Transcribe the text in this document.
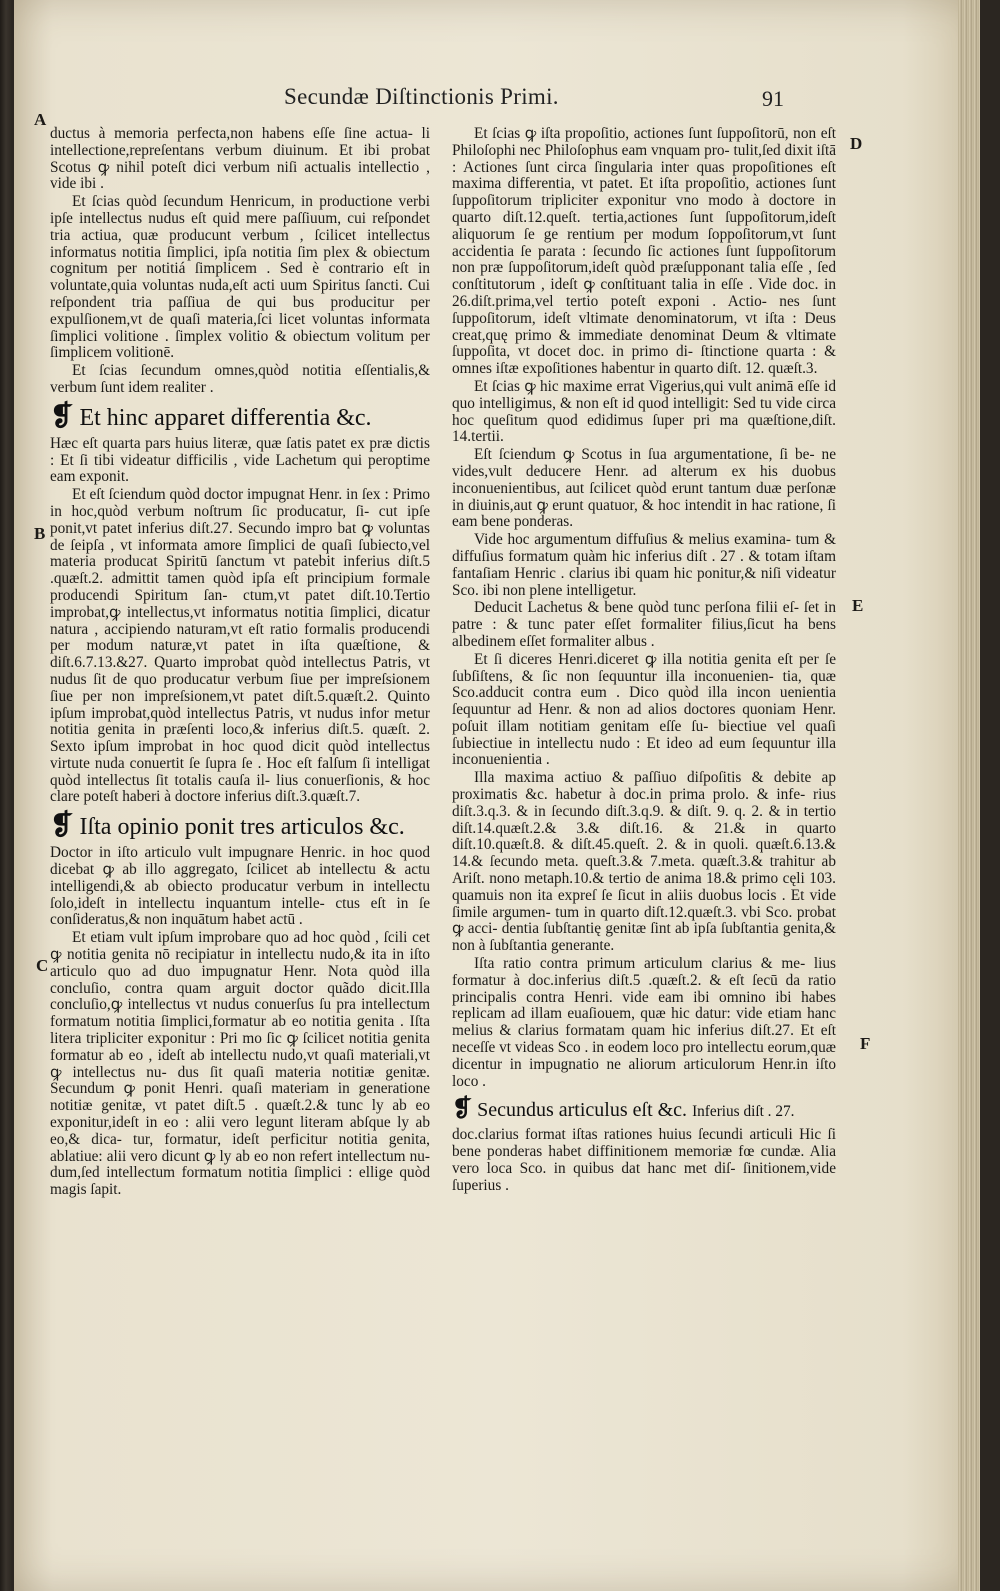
Secundæ Diſtinctionis Primi.	91
A
B
C
D
E
F

ductus à memoria perfecta,non habens eſſe ſine actua- li intellectione,repreſentans verbum diuinum. Et ibi probat Scotus ꝙ nihil poteſt dici verbum niſi actualis intellectio , vide ibi .

Et ſcias quòd ſecundum Henricum, in productione verbi ipſe intellectus nudus eſt quid mere paſſiuum, cui reſpondet tria actiua, quæ producunt verbum , ſcilicet intellectus informatus notitia ſimplici, ipſa notitia ſim plex & obiectum cognitum per notitiá ſimplicem . Sed è contrario eſt in voluntate,quia voluntas nuda,eſt acti uum Spiritus ſancti. Cui reſpondent tria paſſiua de qui bus producitur per expulſionem,vt de quaſi materia,ſci licet voluntas informata ſimplici volitione . ſimplex volitio & obiectum volitum per ſimplicem volitionē.

Et ſcias ſecundum omnes,quòd notitia eſſentialis,& verbum ſunt idem realiter .

❡ Et hinc apparet differentia &c.

Hæc eſt quarta pars huius literæ, quæ ſatis patet ex præ dictis : Et ſi tibi videatur difficilis , vide Lachetum qui peroptime eam exponit.

Et eſt ſciendum quòd doctor impugnat Henr. in ſex : Primo in hoc,quòd verbum noſtrum ſic producatur, ſi- cut ipſe ponit,vt patet inferius diſt.27. Secundo impro bat ꝙ voluntas de ſeipſa , vt informata amore ſimplici de quaſi ſubiecto,vel materia producat Spiritū ſanctum vt patebit inferius diſt.5 .quæſt.2. admittit tamen quòd ipſa eſt principium formale producendi Spiritum ſan- ctum,vt patet diſt.10.Tertio improbat,ꝙ intellectus,vt informatus notitia ſimplici, dicatur natura , accipiendo naturam,vt eſt ratio formalis producendi per modum naturæ,vt patet in iſta quæſtione, & diſt.6.7.13.&27. Quarto improbat quòd intellectus Patris, vt nudus ſit de quo producatur verbum ſiue per impreſsionem ſiue per non impreſsionem,vt patet diſt.5.quæſt.2. Quinto ipſum improbat,quòd intellectus Patris, vt nudus infor metur notitia genita in præſenti loco,& inferius diſt.5. quæſt. 2. Sexto ipſum improbat in hoc quod dicit quòd intellectus virtute nuda conuertit ſe ſupra ſe . Hoc eſt falſum ſi intelligat quòd intellectus ſit totalis cauſa il- lius conuerſionis, & hoc clare poteſt haberi à doctore inferius diſt.3.quæſt.7.

❡ Iſta opinio ponit tres articulos &c.

Doctor in iſto articulo vult impugnare Henric. in hoc quod dicebat ꝙ ab illo aggregato, ſcilicet ab intellectu & actu intelligendi,& ab obiecto producatur verbum in intellectu ſolo,ideſt in intellectu inquantum intelle- ctus eſt in ſe conſideratus,& non inquātum habet actū .

Et etiam vult ipſum improbare quo ad hoc quòd , ſcili cet ꝙ notitia genita nō recipiatur in intellectu nudo,& ita in iſto articulo quo ad duo impugnatur Henr. Nota quòd illa concluſio, contra quam arguit doctor quãdo dicit.Illa concluſio,ꝙ intellectus vt nudus conuerſus ſu pra intellectum formatum notitia ſimplici,formatur ab eo notitia genita . Iſta litera tripliciter exponitur : Pri mo ſic ꝙ ſcilicet notitia genita formatur ab eo , ideſt ab intellectu nudo,vt quaſi materiali,vt ꝙ intellectus nu- dus ſit quaſi materia notitiæ genitæ. Secundum ꝙ ponit Henri. quaſi materiam in generatione notitiæ genitæ, vt patet diſt.5 . quæſt.2.& tunc ly ab eo exponitur,ideſt in eo : alii vero legunt literam abſque ly ab eo,& dica- tur, formatur, ideſt perficitur notitia genita, ablatiue: alii vero dicunt ꝙ ly ab eo non refert intellectum nu- dum,ſed intellectum formatum notitia ſimplici : ellige quòd magis ſapit.

Et ſcias ꝙ iſta propoſitio, actiones ſunt ſuppoſitorū, non eſt Philoſophi nec Philoſophus eam vnquam pro- tulit,ſed dixit iſtā : Actiones ſunt circa ſingularia inter quas propoſitiones eſt maxima differentia, vt patet. Et iſta propoſitio, actiones ſunt ſuppoſitorum tripliciter exponitur vno modo à doctore in quarto diſt.12.queſt. tertia,actiones ſunt ſuppoſitorum,ideſt aliquorum ſe ge rentium per modum ſoppoſitorum,vt ſunt accidentia ſe parata : ſecundo ſic actiones ſunt ſuppoſitorum non præ ſuppoſitorum,ideſt quòd præſupponant talia eſſe , ſed conſtitutorum , ideſt ꝙ conſtituant talia in eſſe . Vide doc. in 26.diſt.prima,vel tertio poteſt exponi . Actio- nes ſunt ſuppoſitorum, ideſt vltimate denominatorum, vt iſta : Deus creat,quę primo & immediate denominat Deum & vltimate ſuppoſita, vt docet doc. in primo di- ſtinctione quarta : & omnes iſtæ expoſitiones habentur in quarto diſt. 12. quæſt.3.

Et ſcias ꝙ hic maxime errat Vigerius,qui vult animā eſſe id quo intelligimus, & non eſt id quod intelligit: Sed tu vide circa hoc queſitum quod edidimus ſuper pri ma quæſtione,diſt. 14.tertii.

Eſt ſciendum ꝙ Scotus in ſua argumentatione, ſi be- ne vides,vult deducere Henr. ad alterum ex his duobus inconuenientibus, aut ſcilicet quòd erunt tantum duæ perſonæ in diuinis,aut ꝙ erunt quatuor, & hoc intendit in hac ratione, ſi eam bene ponderas.

Vide hoc argumentum diffuſius & melius examina- tum & diffuſius formatum quàm hic inferius diſt . 27 . & totam iſtam fantaſiam Henric . clarius ibi quam hic ponitur,& niſi videatur Sco. ibi non plene intelligetur.

Deducit Lachetus & bene quòd tunc perſona filii eſ- ſet in patre : & tunc pater eſſet formaliter filius,ſicut ha bens albedinem eſſet formaliter albus .

Et ſi diceres Henri.diceret ꝙ illa notitia genita eſt per ſe ſubſiſtens, & ſic non ſequuntur illa inconuenien- tia, quæ Sco.adducit contra eum . Dico quòd illa incon uenientia ſequuntur ad Henr. & non ad alios doctores quoniam Henr. poſuit illam notitiam genitam eſſe ſu- biectiue vel quaſi ſubiectiue in intellectu nudo : Et ideo ad eum ſequuntur illa inconuenientia .

Illa maxima actiuo & paſſiuo diſpoſitis & debite ap proximatis &c. habetur à doc.in prima prolo. & infe- rius diſt.3.q.3. & in ſecundo diſt.3.q.9. & diſt. 9. q. 2. & in tertio diſt.14.quæſt.2.& 3.& diſt.16. & 21.& in quarto diſt.10.quæſt.8. & diſt.45.queſt. 2. & in quoli. quæſt.6.13.& 14.& ſecundo meta. queſt.3.& 7.meta. quæſt.3.& trahitur ab Ariſt. nono metaph.10.& tertio de anima 18.& primo cęli 103. quamuis non ita expreſ ſe ſicut in aliis duobus locis . Et vide ſimile argumen- tum in quarto diſt.12.quæſt.3. vbi Sco. probat ꝙ acci- dentia ſubſtantię genitæ ſint ab ipſa ſubſtantia genita,& non à ſubſtantia generante.

Iſta ratio contra primum articulum clarius & me- lius formatur à doc.inferius diſt.5 .quæſt.2. & eſt ſecū da ratio principalis contra Henri. vide eam ibi omnino ibi habes replicam ad illam euaſiouem, quæ hic datur: vide etiam hanc melius & clarius formatam quam hic inferius diſt.27. Et eſt neceſſe vt videas Sco . in eodem loco pro intellectu eorum,quæ dicentur in impugnatio ne aliorum articulorum Henr.in iſto loco .

❡ Secundus articulus eſt &c. Inferius diſt . 27.

doc.clarius format iſtas rationes huius ſecundi articuli Hic ſi bene ponderas habet diffinitionem memoriæ fœ cundæ. Alia vero loca Sco. in quibus dat hanc met diſ- ſinitionem,vide ſuperius .
